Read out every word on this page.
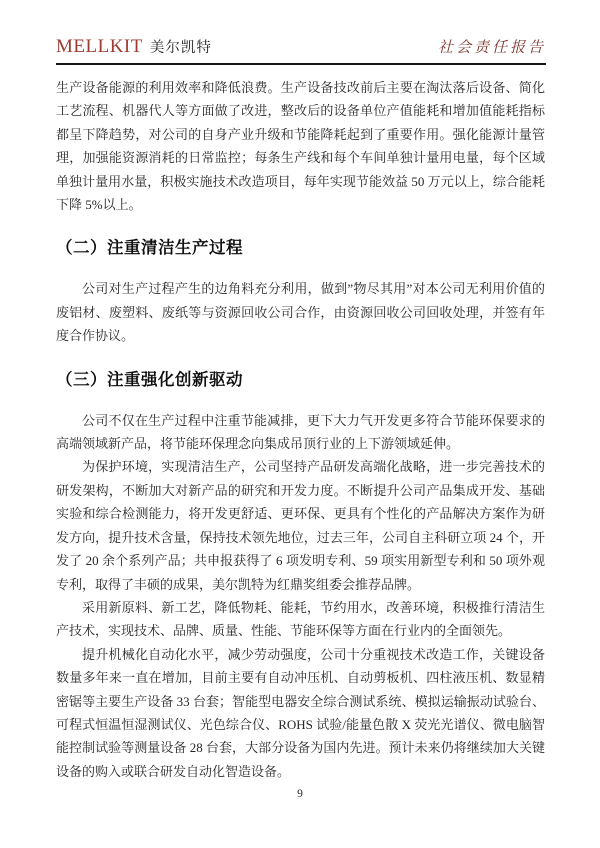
MELLKIT 美尔凯特	社会责任报告

生产设备能源的利用效率和降低浪费。生产设备技改前后主要在淘汰落后设备、简化工艺流程、机器代人等方面做了改进，整改后的设备单位产值能耗和增加值能耗指标都呈下降趋势，对公司的自身产业升级和节能降耗起到了重要作用。强化能源计量管理，加强能资源消耗的日常监控；每条生产线和每个车间单独计量用电量，每个区域单独计量用水量，积极实施技术改造项目，每年实现节能效益 50 万元以上，综合能耗下降 5%以上。

（二）注重清洁生产过程

公司对生产过程产生的边角料充分利用，做到”物尽其用”对本公司无利用价值的废铝材、废塑料、废纸等与资源回收公司合作，由资源回收公司回收处理，并签有年度合作协议。

（三）注重强化创新驱动

公司不仅在生产过程中注重节能减排，更下大力气开发更多符合节能环保要求的高端领域新产品，将节能环保理念向集成吊顶行业的上下游领域延伸。

为保护环境，实现清洁生产，公司坚持产品研发高端化战略，进一步完善技术的研发架构，不断加大对新产品的研究和开发力度。不断提升公司产品集成开发、基础实验和综合检测能力，将开发更舒适、更环保、更具有个性化的产品解决方案作为研发方向，提升技术含量，保持技术领先地位，过去三年，公司自主科研立项 24 个，开发了 20 余个系列产品；共申报获得了 6 项发明专利、59 项实用新型专利和 50 项外观专利，取得了丰硕的成果，美尔凯特为红鼎奖组委会推荐品牌。

采用新原料、新工艺，降低物耗、能耗，节约用水，改善环境，积极推行清洁生产技术，实现技术、品牌、质量、性能、节能环保等方面在行业内的全面领先。

提升机械化自动化水平，减少劳动强度，公司十分重视技术改造工作，关键设备数量多年来一直在增加，目前主要有自动冲压机、自动剪板机、四柱液压机、数显精密锯等主要生产设备 33 台套；智能型电器安全综合测试系统、模拟运输振动试验台、可程式恒温恒湿测试仪、光色综合仪、ROHS 试验/能量色散 X 荧光光谱仪、微电脑智能控制试验等测量设备 28 台套，大部分设备为国内先进。预计未来仍将继续加大关键设备的购入或联合研发自动化智造设备。

9
